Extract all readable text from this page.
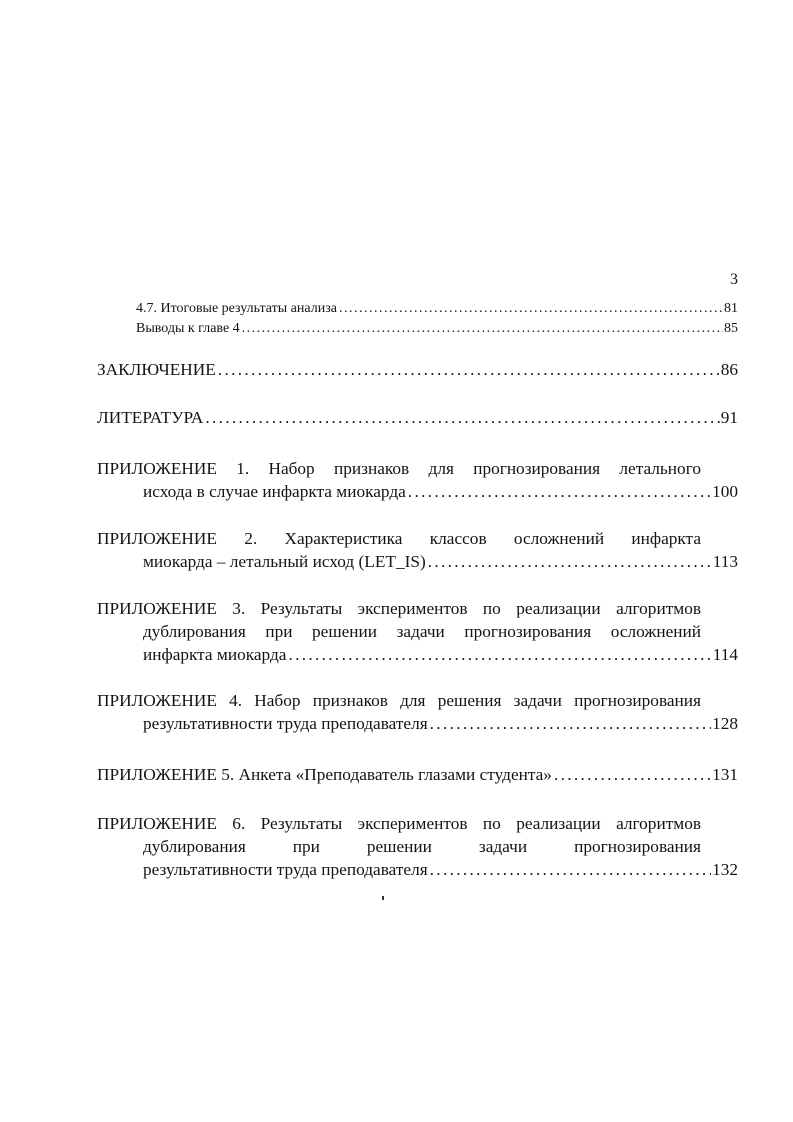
3
4.7. Итоговые результаты анализа . . .	81
Выводы к главе 4 . . .	85
ЗАКЛЮЧЕНИЕ . . .	86
ЛИТЕРАТУРА . . .	91
ПРИЛОЖЕНИЕ 1. Набор признаков для прогнозирования летального
исхода в случае инфаркта миокарда . . .	100
ПРИЛОЖЕНИЕ 2. Характеристика классов осложнений инфаркта
миокарда – летальный исход (LET_IS) . . .	113
ПРИЛОЖЕНИЕ 3. Результаты экспериментов по реализации алгоритмов
дублирования при решении задачи прогнозирования осложнений
инфаркта миокарда . . .	114
ПРИЛОЖЕНИЕ 4. Набор признаков для решения задачи прогнозирования
результативности труда преподавателя . . .	128
ПРИЛОЖЕНИЕ 5. Анкета «Преподаватель глазами студента» . . .	131
ПРИЛОЖЕНИЕ 6. Результаты экспериментов по реализации алгоритмов
дублирования при решении задачи прогнозирования
результативности труда преподавателя . . .	132
